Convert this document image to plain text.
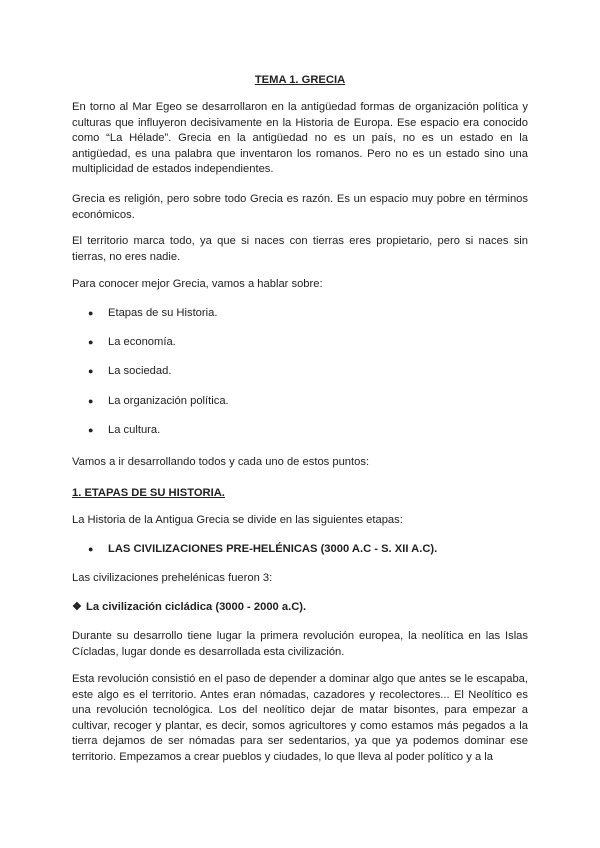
TEMA 1. GRECIA

En torno al Mar Egeo se desarrollaron en la antigüedad formas de organización política y culturas que influyeron decisivamente en la Historia de Europa. Ese espacio era conocido como “La Hélade”. Grecia en la antigüedad no es un país, no es un estado en la antigüedad, es una palabra que inventaron los romanos. Pero no es un estado sino una multiplicidad de estados independientes.

Grecia es religión, pero sobre todo Grecia es razón. Es un espacio muy pobre en términos económicos.

El territorio marca todo, ya que si naces con tierras eres propietario, pero si naces sin tierras, no eres nadie.

Para conocer mejor Grecia, vamos a hablar sobre:

● Etapas de su Historia.
● La economía.
● La sociedad.
● La organización política.
● La cultura.

Vamos a ir desarrollando todos y cada uno de estos puntos:

1. ETAPAS DE SU HISTORIA.

La Historia de la Antigua Grecia se divide en las siguientes etapas:

● LAS CIVILIZACIONES PRE-HELÉNICAS (3000 A.C - S. XII A.C).

Las civilizaciones prehelénicas fueron 3:

❖ La civilización cicládica (3000 - 2000 a.C).

Durante su desarrollo tiene lugar la primera revolución europea, la neolítica en las Islas Cícladas, lugar donde es desarrollada esta civilización.

Esta revolución consistió en el paso de depender a dominar algo que antes se le escapaba, este algo es el territorio. Antes eran nómadas, cazadores y recolectores... El Neolítico es una revolución tecnológica. Los del neolítico dejar de matar bisontes, para empezar a cultivar, recoger y plantar, es decir, somos agricultores y como estamos más pegados a la tierra dejamos de ser nómadas para ser sedentarios, ya que ya podemos dominar ese territorio. Empezamos a crear pueblos y ciudades, lo que lleva al poder político y a la
